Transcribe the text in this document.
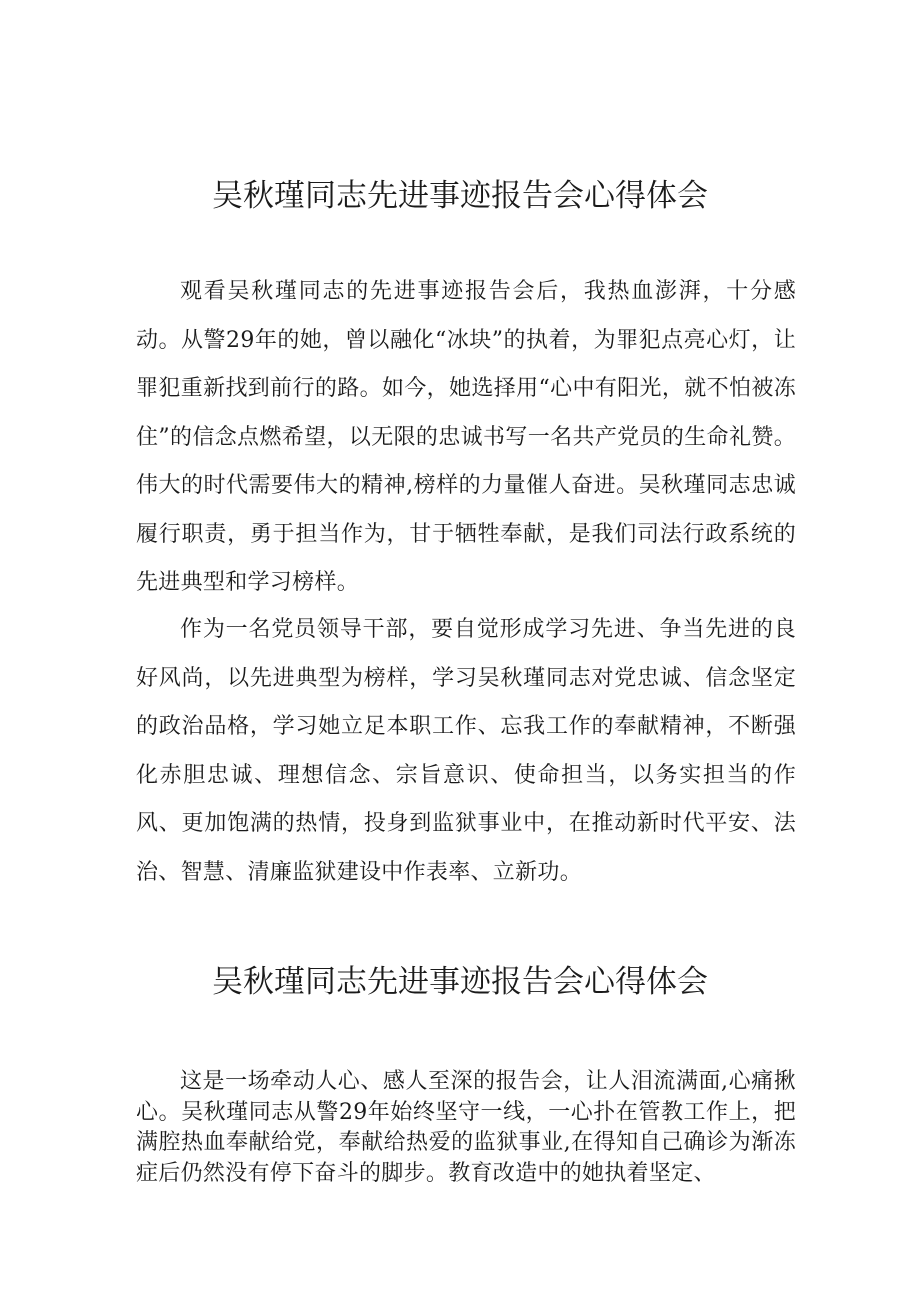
吴秋瑾同志先进事迹报告会心得体会

观看吴秋瑾同志的先进事迹报告会后，我热血澎湃，十分感动。从警29年的她，曾以融化“冰块”的执着，为罪犯点亮心灯，让罪犯重新找到前行的路。如今，她选择用“心中有阳光，就不怕被冻住”的信念点燃希望，以无限的忠诚书写一名共产党员的生命礼赞。伟大的时代需要伟大的精神,榜样的力量催人奋进。吴秋瑾同志忠诚履行职责，勇于担当作为，甘于牺牲奉献，是我们司法行政系统的先进典型和学习榜样。

作为一名党员领导干部，要自觉形成学习先进、争当先进的良好风尚，以先进典型为榜样，学习吴秋瑾同志对党忠诚、信念坚定的政治品格，学习她立足本职工作、忘我工作的奉献精神，不断强化赤胆忠诚、理想信念、宗旨意识、使命担当，以务实担当的作风、更加饱满的热情，投身到监狱事业中，在推动新时代平安、法治、智慧、清廉监狱建设中作表率、立新功。

吴秋瑾同志先进事迹报告会心得体会

这是一场牵动人心、感人至深的报告会，让人泪流满面,心痛揪心。吴秋瑾同志从警29年始终坚守一线，一心扑在管教工作上，把满腔热血奉献给党，奉献给热爱的监狱事业,在得知自己确诊为渐冻症后仍然没有停下奋斗的脚步。教育改造中的她执着坚定、
